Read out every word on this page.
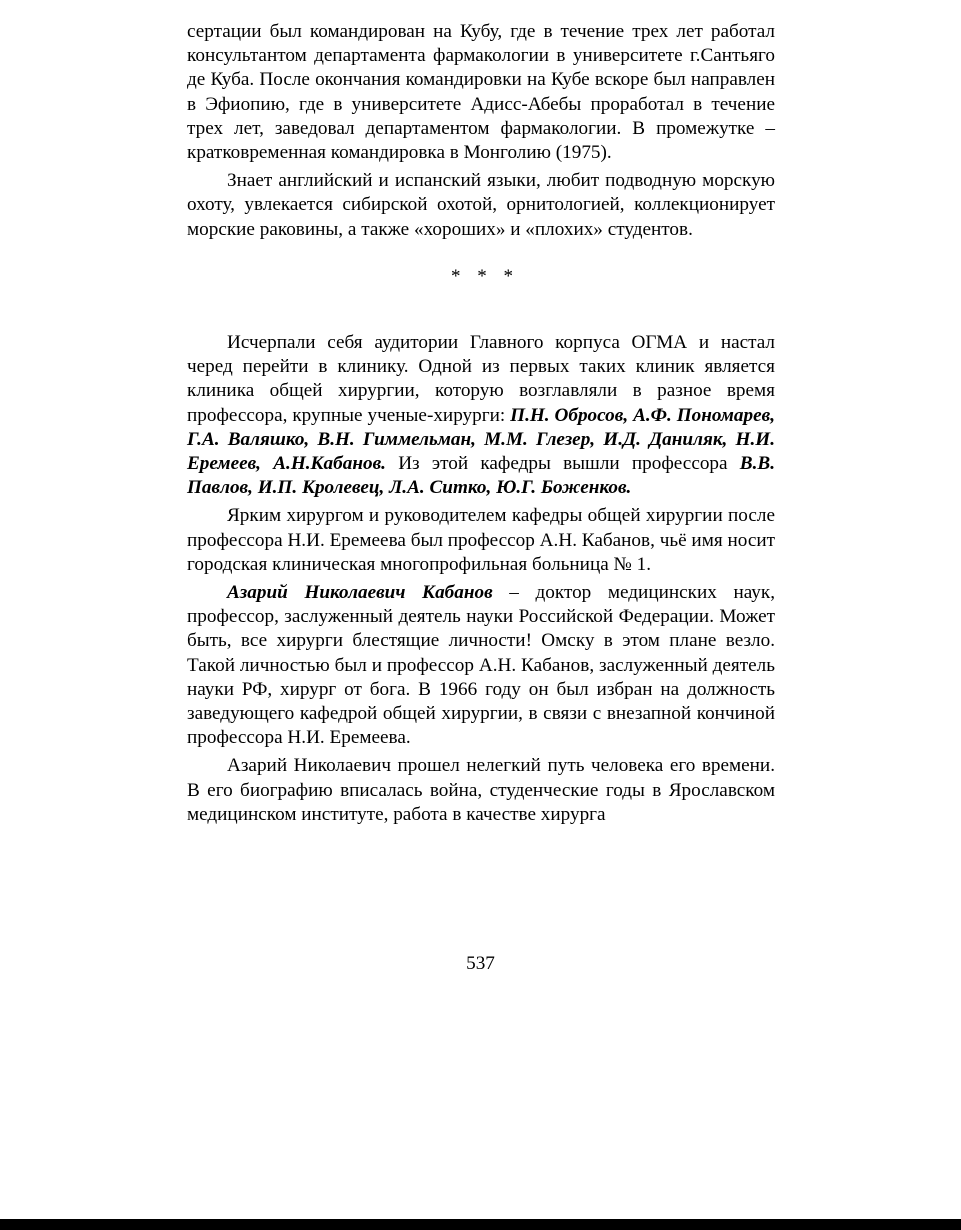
сертации был командирован на Кубу, где в течение трех лет работал консультантом департамента фармакологии в университете г.Сантьяго де Куба. После окончания командировки на Кубе вскоре был направлен в Эфиопию, где в университете Адисс-Абебы проработал в течение трех лет, заведовал департаментом фармакологии. В промежутке – кратковременная командировка в Монголию (1975).

Знает английский и испанский языки, любит подводную морскую охоту, увлекается сибирской охотой, орнитологией, коллекционирует морские раковины, а также «хороших» и «плохих» студентов.

* * *

Исчерпали себя аудитории Главного корпуса ОГМА и настал черед перейти в клинику. Одной из первых таких клиник является клиника общей хирургии, которую возглавляли в разное время профессора, крупные ученые-хирурги: П.Н. Обросов, А.Ф. Пономарев, Г.А. Валяшко, В.Н. Гиммельман, М.М. Глезер, И.Д. Даниляк, Н.И. Еремеев, А.Н.Кабанов. Из этой кафедры вышли профессора В.В. Павлов, И.П. Кролевец, Л.А. Ситко, Ю.Г. Боженков.

Ярким хирургом и руководителем кафедры общей хирургии после профессора Н.И. Еремеева был профессор А.Н. Кабанов, чьё имя носит городская клиническая многопрофильная больница № 1.

Азарий Николаевич Кабанов – доктор медицинских наук, профессор, заслуженный деятель науки Российской Федерации. Может быть, все хирурги блестящие личности! Омску в этом плане везло. Такой личностью был и профессор А.Н. Кабанов, заслуженный деятель науки РФ, хирург от бога. В 1966 году он был избран на должность заведующего кафедрой общей хирургии, в связи с внезапной кончиной профессора Н.И. Еремеева.

Азарий Николаевич прошел нелегкий путь человека его времени. В его биографию вписалась война, студенческие годы в Ярославском медицинском институте, работа в качестве хирурга

537
